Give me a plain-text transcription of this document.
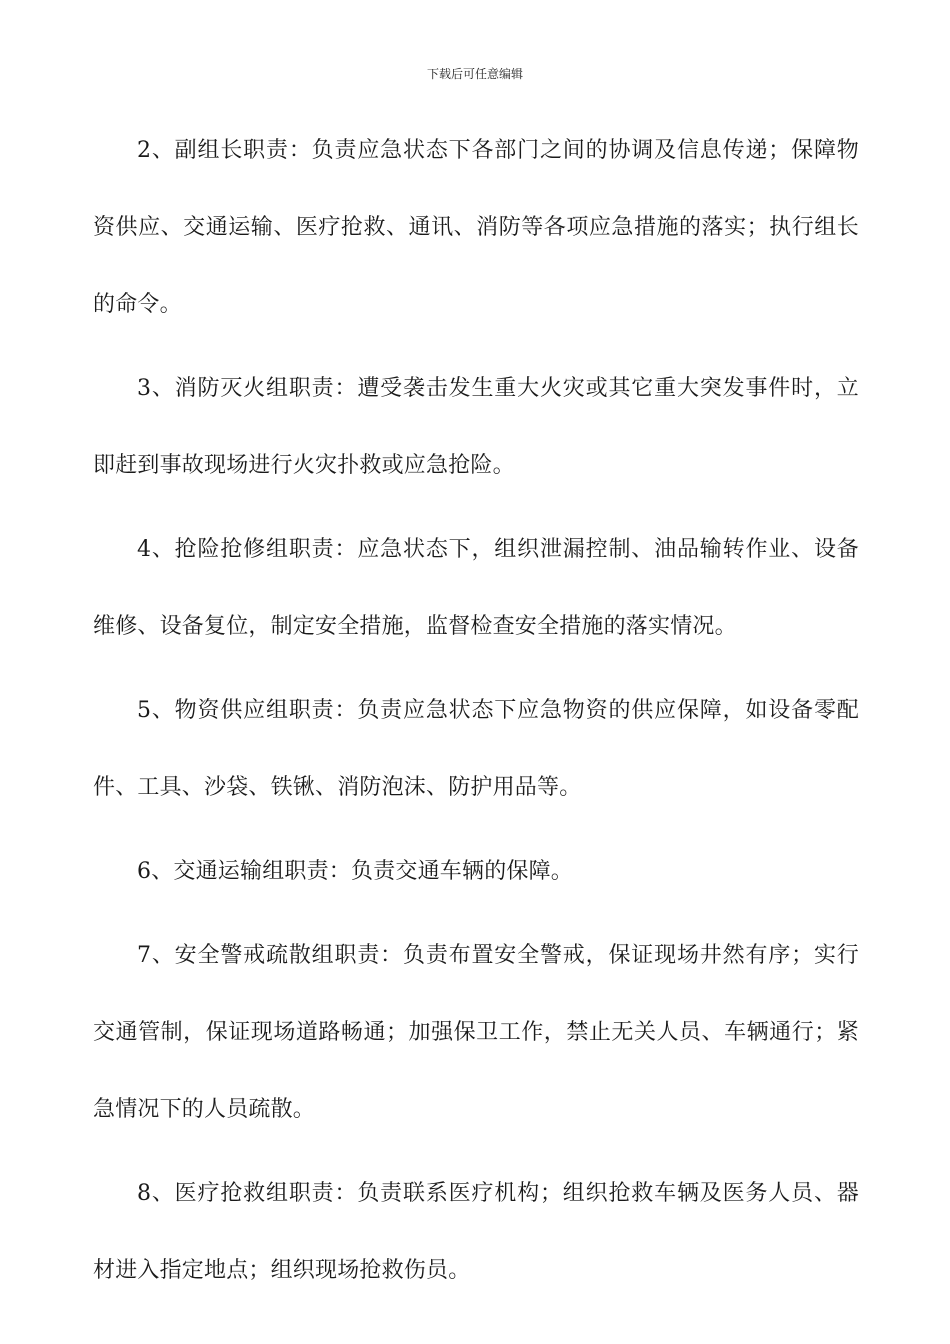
下载后可任意编辑

2、副组长职责：负责应急状态下各部门之间的协调及信息传递；保障物资供应、交通运输、医疗抢救、通讯、消防等各项应急措施的落实；执行组长的命令。

3、消防灭火组职责：遭受袭击发生重大火灾或其它重大突发事件时，立即赶到事故现场进行火灾扑救或应急抢险。

4、抢险抢修组职责：应急状态下，组织泄漏控制、油品输转作业、设备维修、设备复位，制定安全措施，监督检查安全措施的落实情况。

5、物资供应组职责：负责应急状态下应急物资的供应保障，如设备零配件、工具、沙袋、铁锹、消防泡沫、防护用品等。

6、交通运输组职责：负责交通车辆的保障。

7、安全警戒疏散组职责：负责布置安全警戒，保证现场井然有序；实行交通管制，保证现场道路畅通；加强保卫工作，禁止无关人员、车辆通行；紧急情况下的人员疏散。

8、医疗抢救组职责：负责联系医疗机构；组织抢救车辆及医务人员、器材进入指定地点；组织现场抢救伤员。
